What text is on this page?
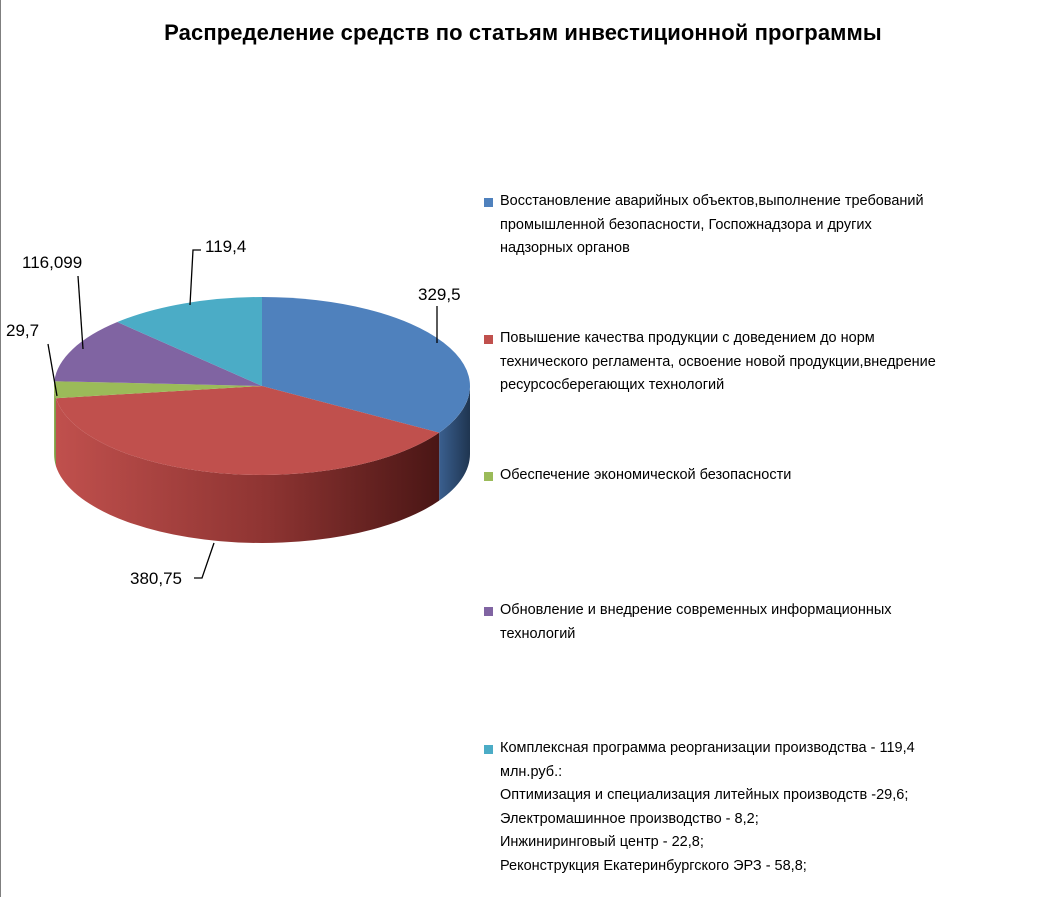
Распределение средств по статьям инвестиционной программы
329,5
380,75
29,7
116,099
119,4
Восстановление аварийных объектов,выполнение требований
промышленной безопасности, Госпожнадзора и других
надзорных органов
Повышение качества продукции с доведением до норм
технического регламента, освоение новой продукции,внедрение
ресурсосберегающих технологий
Обеспечение экономической безопасности
Обновление и внедрение современных информационных
технологий
Комплексная программа реорганизации производства - 119,4
млн.руб.:
Оптимизация и специализация литейных производств -29,6;
Электромашинное производство - 8,2;
Инжиниринговый центр - 22,8;
Реконструкция Екатеринбургского ЭРЗ - 58,8;
